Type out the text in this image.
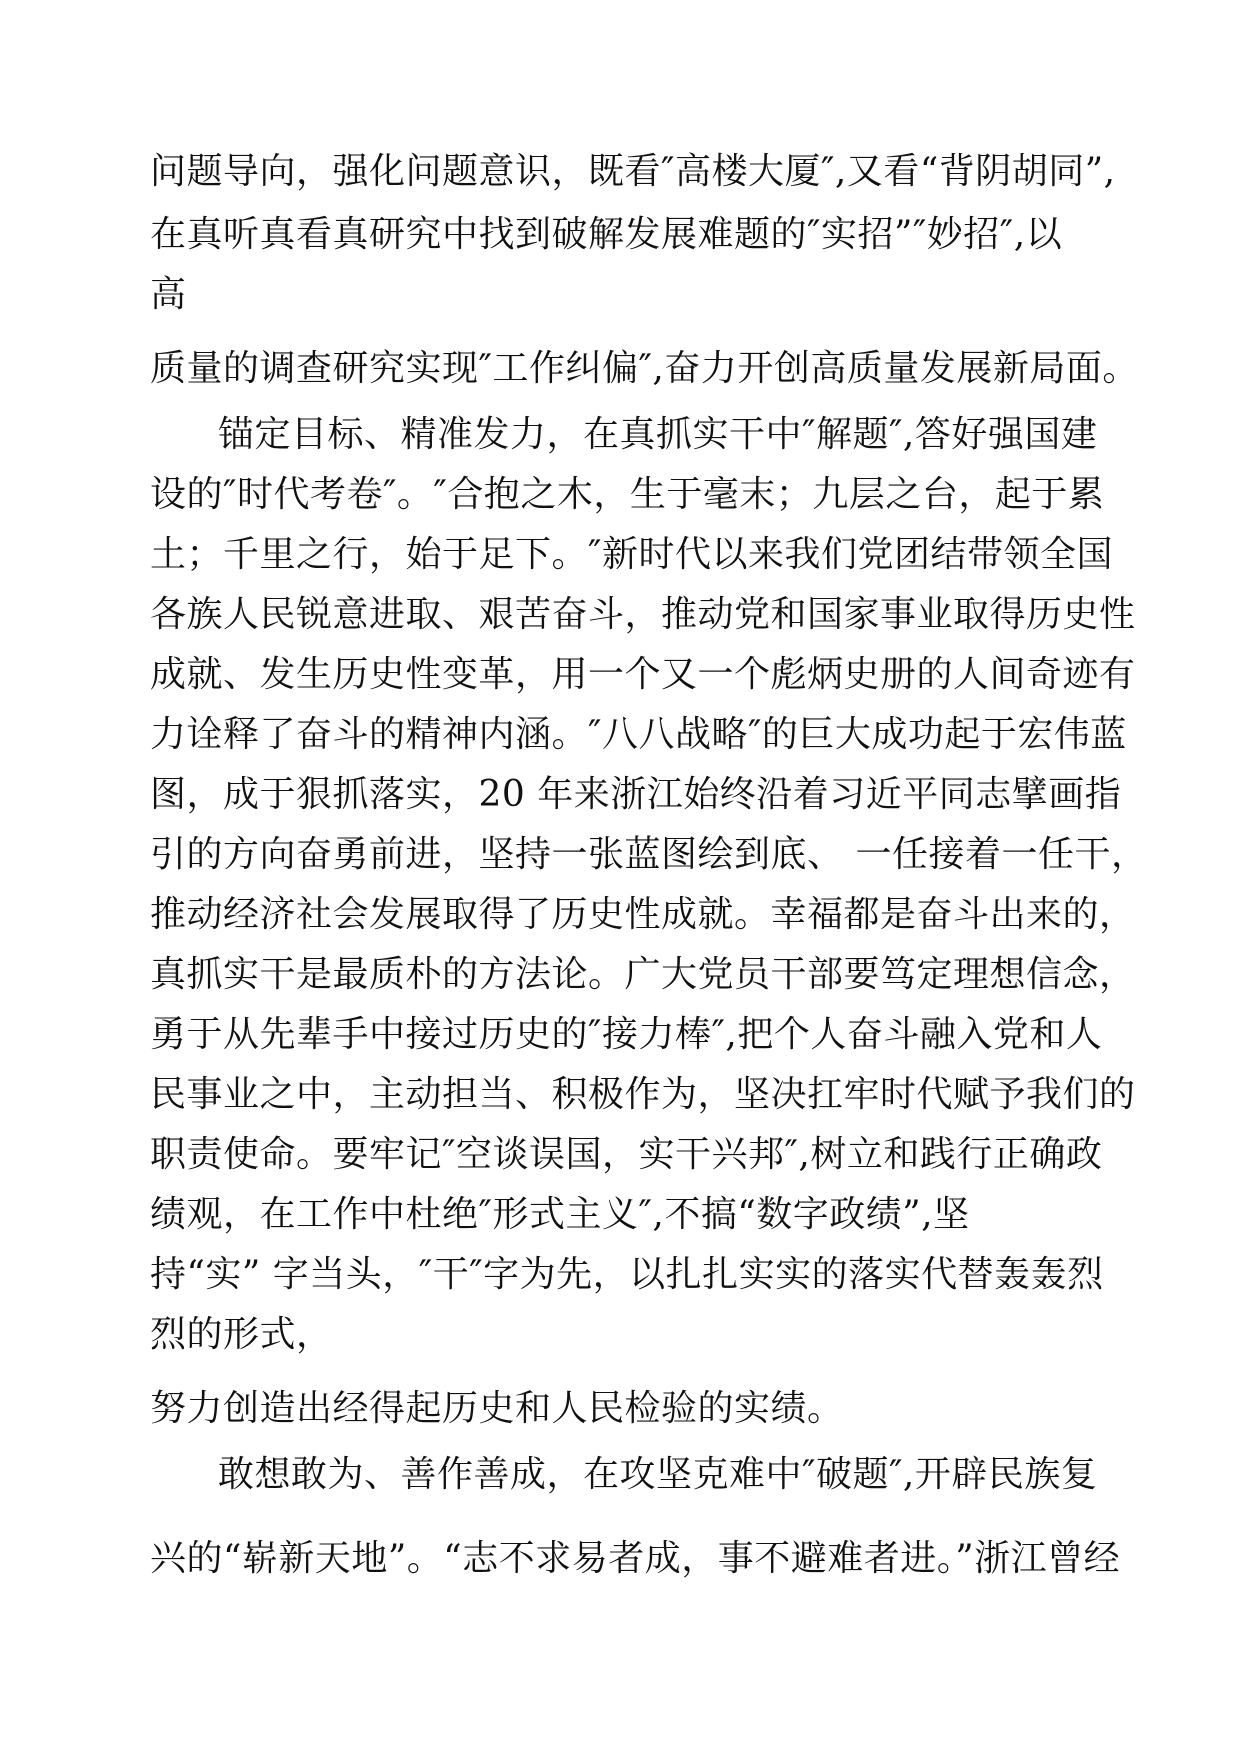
问题导向，强化问题意识，既看″高楼大厦″,又看“背阴胡同”,
在真听真看真研究中找到破解发展难题的″实招”″妙招″,以
高
质量的调查研究实现″工作纠偏″,奋力开创高质量发展新局面。
锚定目标、精准发力，在真抓实干中″解题″,答好强国建
设的″时代考卷″。″合抱之木，生于毫末；九层之台，起于累
土；千里之行，始于足下。″新时代以来我们党团结带领全国
各族人民锐意进取、艰苦奋斗，推动党和国家事业取得历史性
成就、发生历史性变革，用一个又一个彪炳史册的人间奇迹有
力诠释了奋斗的精神内涵。″八八战略″的巨大成功起于宏伟蓝
图，成于狠抓落实，20 年来浙江始终沿着习近平同志擘画指
引的方向奋勇前进，坚持一张蓝图绘到底、 一任接着一任干，
推动经济社会发展取得了历史性成就。幸福都是奋斗出来的，
真抓实干是最质朴的方法论。广大党员干部要笃定理想信念，
勇于从先辈手中接过历史的″接力棒″,把个人奋斗融入党和人
民事业之中，主动担当、积极作为，坚决扛牢时代赋予我们的
职责使命。要牢记″空谈误国，实干兴邦″,树立和践行正确政
绩观，在工作中杜绝″形式主义″,不搞“数字政绩”,坚
持“实” 字当头，″干″字为先，以扎扎实实的落实代替轰轰烈
烈的形式，
努力创造出经得起历史和人民检验的实绩。
敢想敢为、善作善成，在攻坚克难中″破题″,开辟民族复
兴的“崭新天地”。“志不求易者成，事不避难者进。”浙江曾经
